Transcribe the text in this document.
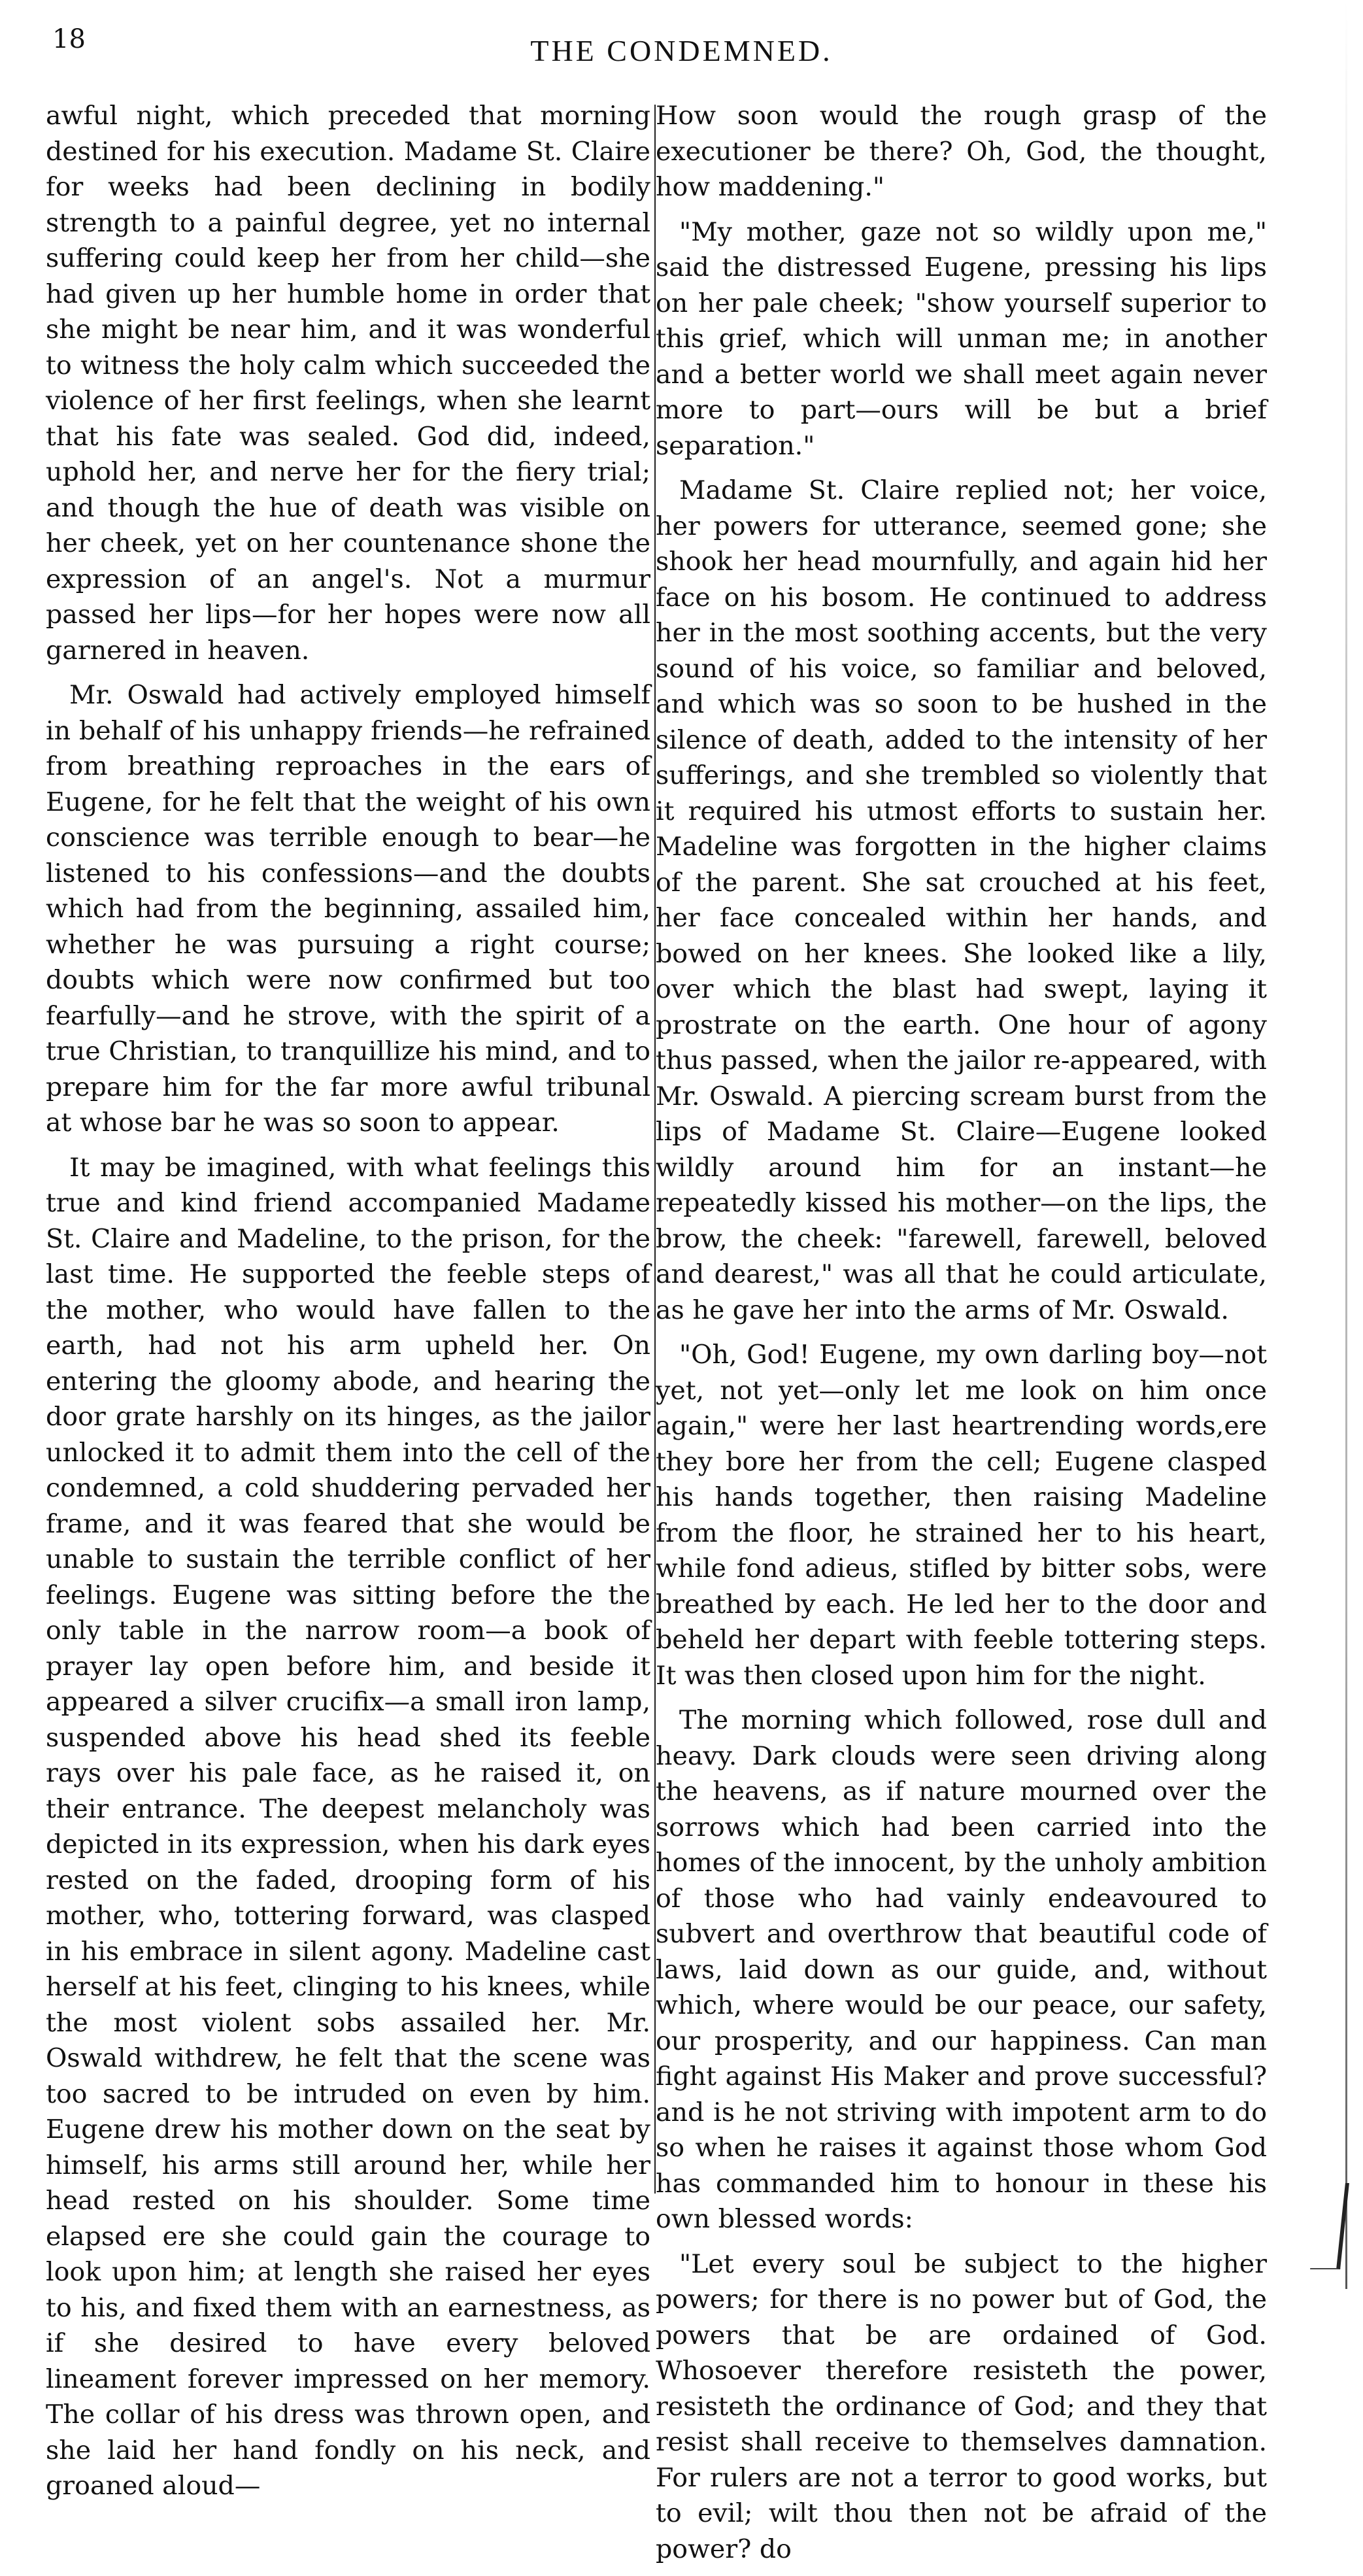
18	THE CONDEMNED.

awful night, which preceded that morning destined for his execution. Madame St. Claire for weeks had been declining in bodily strength to a painful degree, yet no internal suffering could keep her from her child—she had given up her humble home in order that she might be near him, and it was wonderful to witness the holy calm which succeeded the violence of her first feelings, when she learnt that his fate was sealed. God did, indeed, uphold her, and nerve her for the fiery trial; and though the hue of death was visible on her cheek, yet on her countenance shone the expression of an angel's. Not a murmur passed her lips—for her hopes were now all garnered in heaven.

Mr. Oswald had actively employed himself in behalf of his unhappy friends—he refrained from breathing reproaches in the ears of Eugene, for he felt that the weight of his own conscience was terrible enough to bear—he listened to his confessions—and the doubts which had from the beginning, assailed him, whether he was pursuing a right course; doubts which were now confirmed but too fearfully—and he strove, with the spirit of a true Christian, to tranquillize his mind, and to prepare him for the far more awful tribunal at whose bar he was so soon to appear.

It may be imagined, with what feelings this true and kind friend accompanied Madame St. Claire and Madeline, to the prison, for the last time. He supported the feeble steps of the mother, who would have fallen to the earth, had not his arm upheld her. On entering the gloomy abode, and hearing the door grate harshly on its hinges, as the jailor unlocked it to admit them into the cell of the condemned, a cold shuddering pervaded her frame, and it was feared that she would be unable to sustain the terrible conflict of her feelings. Eugene was sitting before the the only table in the narrow room—a book of prayer lay open before him, and beside it appeared a silver crucifix—a small iron lamp, suspended above his head shed its feeble rays over his pale face, as he raised it, on their entrance. The deepest melancholy was depicted in its expression, when his dark eyes rested on the faded, drooping form of his mother, who, tottering forward, was clasped in his embrace in silent agony. Madeline cast herself at his feet, clinging to his knees, while the most violent sobs assailed her. Mr. Oswald withdrew, he felt that the scene was too sacred to be intruded on even by him. Eugene drew his mother down on the seat by himself, his arms still around her, while her head rested on his shoulder. Some time elapsed ere she could gain the courage to look upon him; at length she raised her eyes to his, and fixed them with an earnestness, as if she desired to have every beloved lineament forever impressed on her memory. The collar of his dress was thrown open, and she laid her hand fondly on his neck, and groaned aloud—

How soon would the rough grasp of the executioner be there? Oh, God, the thought, how maddening."

"My mother, gaze not so wildly upon me," said the distressed Eugene, pressing his lips on her pale cheek; "show yourself superior to this grief, which will unman me; in another and a better world we shall meet again never more to part—ours will be but a brief separation."

Madame St. Claire replied not; her voice, her powers for utterance, seemed gone; she shook her head mournfully, and again hid her face on his bosom. He continued to address her in the most soothing accents, but the very sound of his voice, so familiar and beloved, and which was so soon to be hushed in the silence of death, added to the intensity of her sufferings, and she trembled so violently that it required his utmost efforts to sustain her. Madeline was forgotten in the higher claims of the parent. She sat crouched at his feet, her face concealed within her hands, and bowed on her knees. She looked like a lily, over which the blast had swept, laying it prostrate on the earth. One hour of agony thus passed, when the jailor re-appeared, with Mr. Oswald. A piercing scream burst from the lips of Madame St. Claire—Eugene looked wildly around him for an instant—he repeatedly kissed his mother—on the lips, the brow, the cheek: "farewell, farewell, beloved and dearest," was all that he could articulate, as he gave her into the arms of Mr. Oswald.

"Oh, God! Eugene, my own darling boy—not yet, not yet—only let me look on him once again," were her last heartrending words,ere they bore her from the cell; Eugene clasped his hands together, then raising Madeline from the floor, he strained her to his heart, while fond adieus, stifled by bitter sobs, were breathed by each. He led her to the door and beheld her depart with feeble tottering steps. It was then closed upon him for the night.

The morning which followed, rose dull and heavy. Dark clouds were seen driving along the heavens, as if nature mourned over the sorrows which had been carried into the homes of the innocent, by the unholy ambition of those who had vainly endeavoured to subvert and overthrow that beautiful code of laws, laid down as our guide, and, without which, where would be our peace, our safety, our prosperity, and our happiness. Can man fight against His Maker and prove successful? and is he not striving with impotent arm to do so when he raises it against those whom God has commanded him to honour in these his own blessed words:

"Let every soul be subject to the higher powers; for there is no power but of God, the powers that be are ordained of God. Whosoever therefore resisteth the power, resisteth the ordinance of God; and they that resist shall receive to themselves damnation. For rulers are not a terror to good works, but to evil; wilt thou then not be afraid of the power? do
